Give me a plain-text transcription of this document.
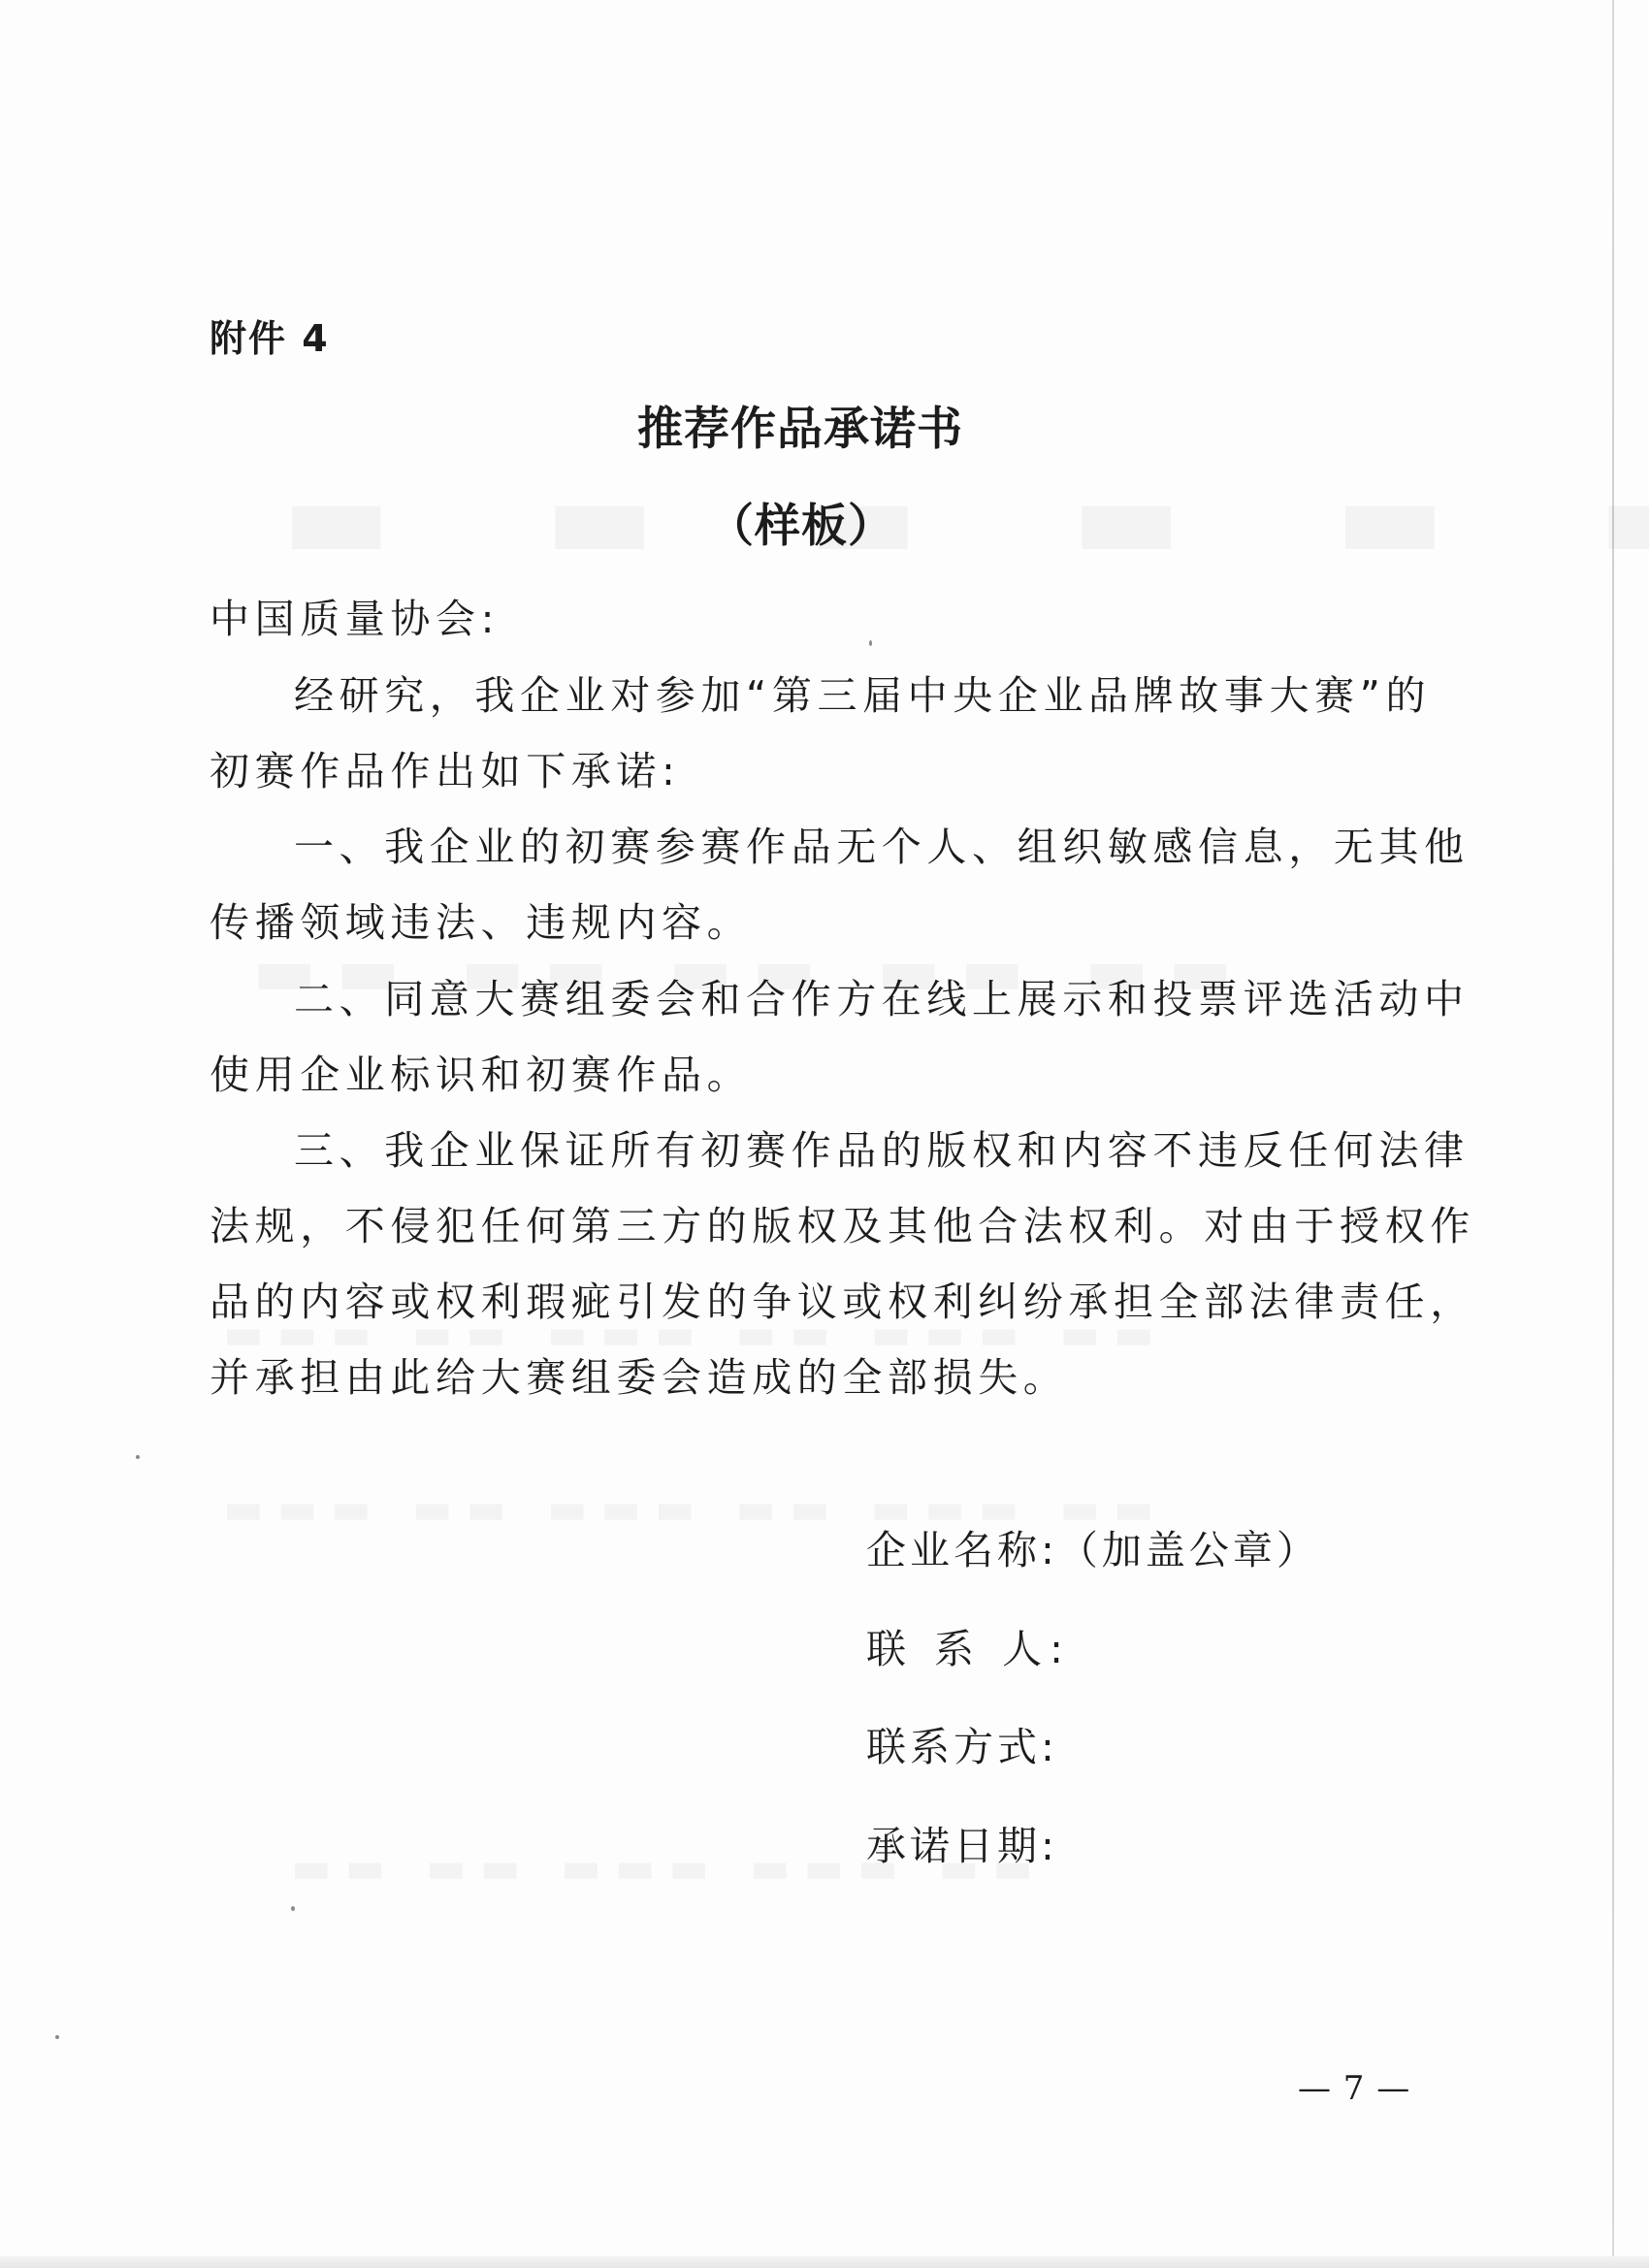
附件 4

推荐作品承诺书
（样板）

中国质量协会:

经研究，我企业对参加“第三届中央企业品牌故事大赛”的

初赛作品作出如下承诺:

一、我企业的初赛参赛作品无个人、组织敏感信息，无其他

传播领域违法、违规内容。

二、同意大赛组委会和合作方在线上展示和投票评选活动中

使用企业标识和初赛作品。

三、我企业保证所有初赛作品的版权和内容不违反任何法律

法规，不侵犯任何第三方的版权及其他合法权利。对由于授权作

品的内容或权利瑕疵引发的争议或权利纠纷承担全部法律责任，

并承担由此给大赛组委会造成的全部损失。

企业名称:（加盖公章）

联 系 人:

联系方式:

承诺日期:

— 7 —
